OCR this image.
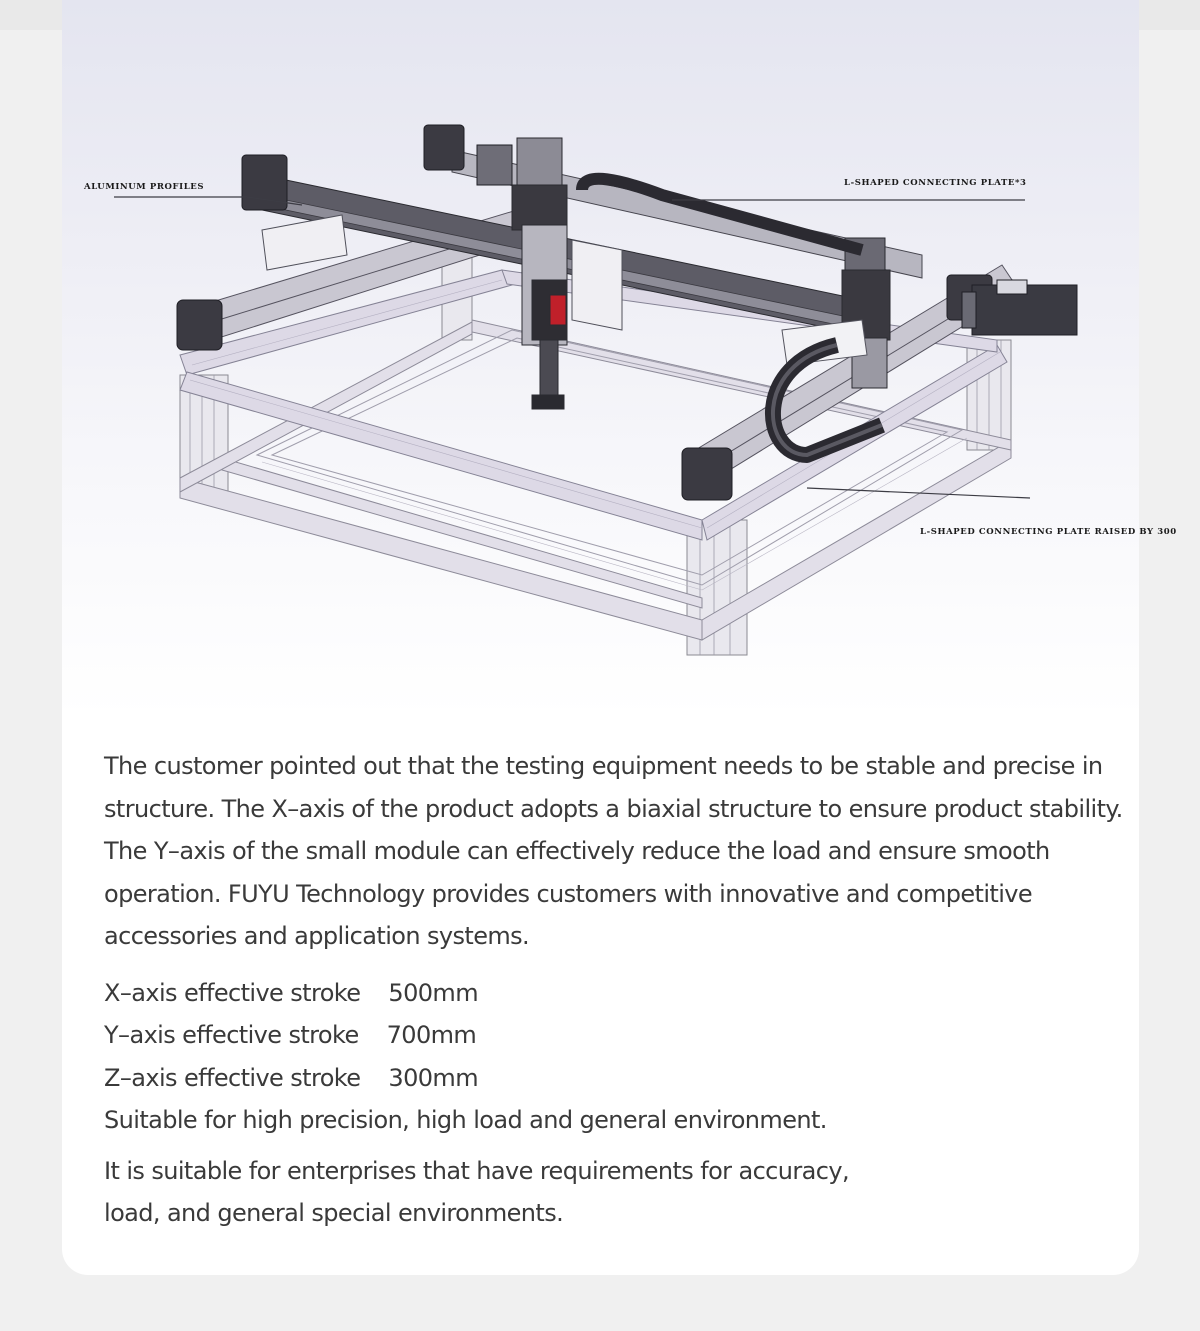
ALUMINUM PROFILES	L-SHAPED CONNECTING PLATE*3
L-SHAPED CONNECTING PLATE RAISED BY 300

The customer pointed out that the testing equipment needs to be stable and precise in structure. The X–axis of the product adopts a biaxial structure to ensure product stability. The Y–axis of the small module can effectively reduce the load and ensure smooth operation. FUYU Technology provides customers with innovative and competitive accessories and application systems.

X–axis effective stroke 500mm
Y–axis effective stroke 700mm
Z–axis effective stroke 300mm
Suitable for high precision, high load and general environment.
It is suitable for enterprises that have requirements for accuracy,
load, and general special environments.
